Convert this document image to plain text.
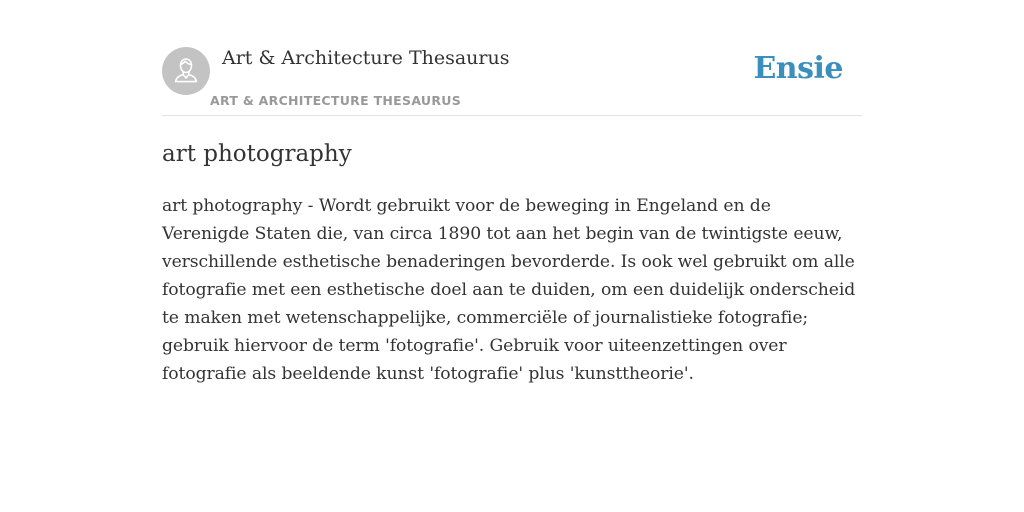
Art & Architecture Thesaurus
ART & ARCHITECTURE THESAURUS
Ensie
art photography

art photography - Wordt gebruikt voor de beweging in Engeland en de Verenigde Staten die, van circa 1890 tot aan het begin van de twintigste eeuw, verschillende esthetische benaderingen bevorderde. Is ook wel gebruikt om alle fotografie met een esthetische doel aan te duiden, om een duidelijk onderscheid te maken met wetenschappelijke, commerciële of journalistieke fotografie; gebruik hiervoor de term 'fotografie'. Gebruik voor uiteenzettingen over fotografie als beeldende kunst 'fotografie' plus 'kunsttheorie'.
